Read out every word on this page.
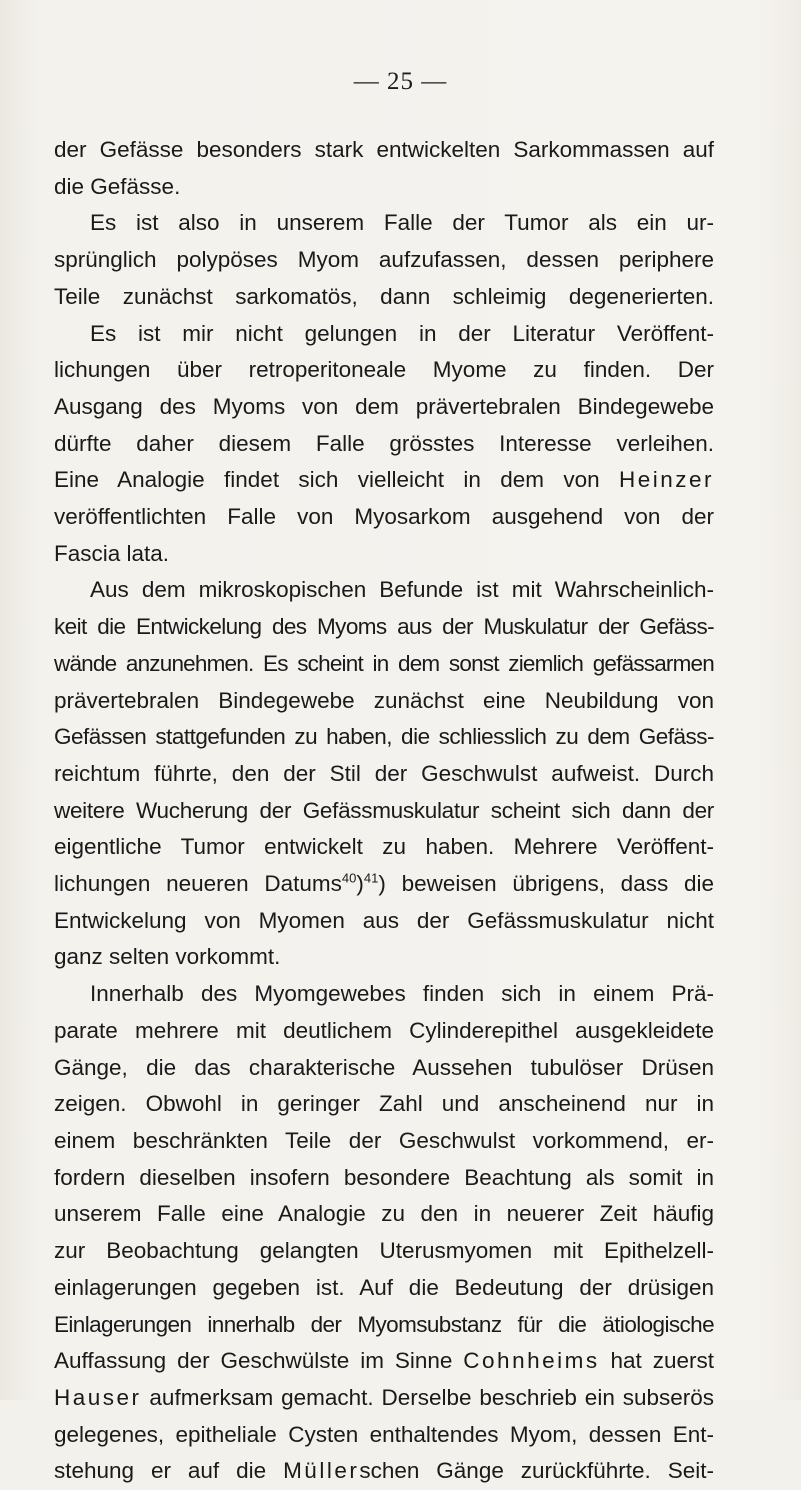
— 25 —

der Gefässe besonders stark entwickelten Sarkommassen auf

die Gefässe.

Es ist also in unserem Falle der Tumor als ein ur-

sprünglich polypöses Myom aufzufassen, dessen periphere

Teile zunächst sarkomatös, dann schleimig degenerierten.

Es ist mir nicht gelungen in der Literatur Veröffent-

lichungen über retroperitoneale Myome zu finden. Der

Ausgang des Myoms von dem prävertebralen Bindegewebe

dürfte daher diesem Falle grösstes Interesse verleihen.

Eine Analogie findet sich vielleicht in dem von Heinzer

veröffentlichten Falle von Myosarkom ausgehend von der

Fascia lata.

Aus dem mikroskopischen Befunde ist mit Wahrscheinlich-

keit die Entwickelung des Myoms aus der Muskulatur der Gefäss-

wände anzunehmen. Es scheint in dem sonst ziemlich gefässarmen

prävertebralen Bindegewebe zunächst eine Neubildung von

Gefässen stattgefunden zu haben, die schliesslich zu dem Gefäss-

reichtum führte, den der Stil der Geschwulst aufweist. Durch

weitere Wucherung der Gefässmuskulatur scheint sich dann der

eigentliche Tumor entwickelt zu haben. Mehrere Veröffent-

lichungen neueren Datums$^{40}$)$^{41}$) beweisen übrigens, dass die

Entwickelung von Myomen aus der Gefässmuskulatur nicht

ganz selten vorkommt.

Innerhalb des Myomgewebes finden sich in einem Prä-

parate mehrere mit deutlichem Cylinderepithel ausgekleidete

Gänge, die das charakterische Aussehen tubulöser Drüsen

zeigen. Obwohl in geringer Zahl und anscheinend nur in

einem beschränkten Teile der Geschwulst vorkommend, er-

fordern dieselben insofern besondere Beachtung als somit in

unserem Falle eine Analogie zu den in neuerer Zeit häufig

zur Beobachtung gelangten Uterusmyomen mit Epithelzell-

einlagerungen gegeben ist. Auf die Bedeutung der drüsigen

Einlagerungen innerhalb der Myomsubstanz für die ätiologische

Auffassung der Geschwülste im Sinne Cohnheims hat zuerst

Hauser aufmerksam gemacht. Derselbe beschrieb ein subserös

gelegenes, epitheliale Cysten enthaltendes Myom, dessen Ent-

stehung er auf die Müllerschen Gänge zurückführte. Seit-
